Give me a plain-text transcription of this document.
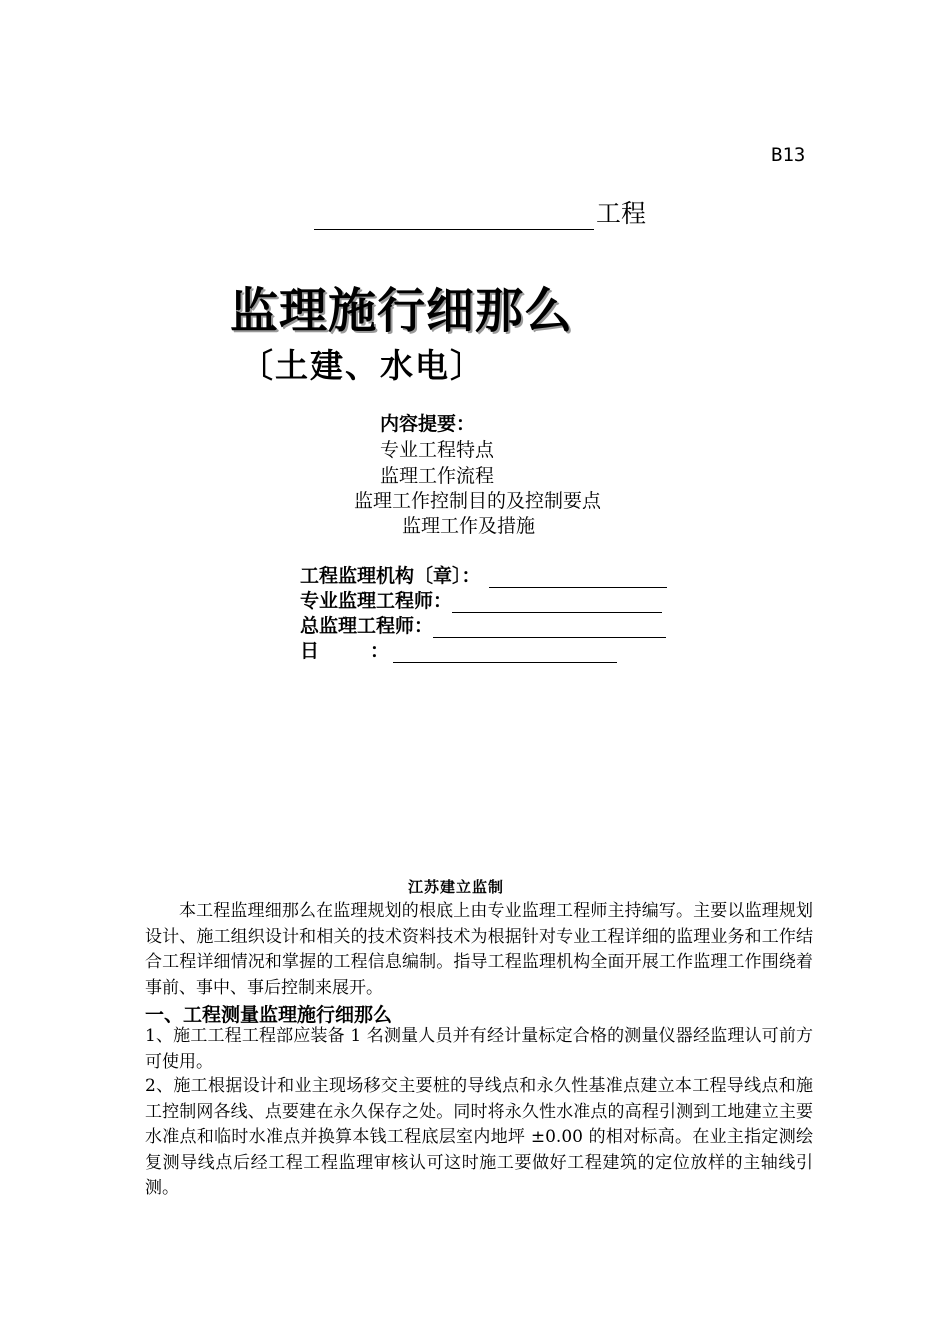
B13
工程
监理施行细那么
〔土建、水电〕
内容提要：
专业工程特点
监理工作流程
监理工作控制目的及控制要点
监理工作及措施
工程监理机构〔章〕：
专业监理工程师：
总监理工程师：
日	：
江苏建立监制

本工程监理细那么在监理规划的根底上由专业监理工程师主持编写。主要以监理规划设计、施工组织设计和相关的技术资料技术为根据针对专业工程详细的监理业务和工作结合工程详细情况和掌握的工程信息编制。指导工程监理机构全面开展工作监理工作围绕着事前、事中、事后控制来展开。

一、工程测量监理施行细那么

1、施工工程工程部应装备 1 名测量人员并有经计量标定合格的测量仪器经监理认可前方可使用。

2、施工根据设计和业主现场移交主要桩的导线点和永久性基准点建立本工程导线点和施工控制网各线、点要建在永久保存之处。同时将永久性水准点的高程引测到工地建立主要水准点和临时水准点并换算本钱工程底层室内地坪 ±0.00 的相对标高。在业主指定测绘复测导线点后经工程工程监理审核认可这时施工要做好工程建筑的定位放样的主轴线引测。
